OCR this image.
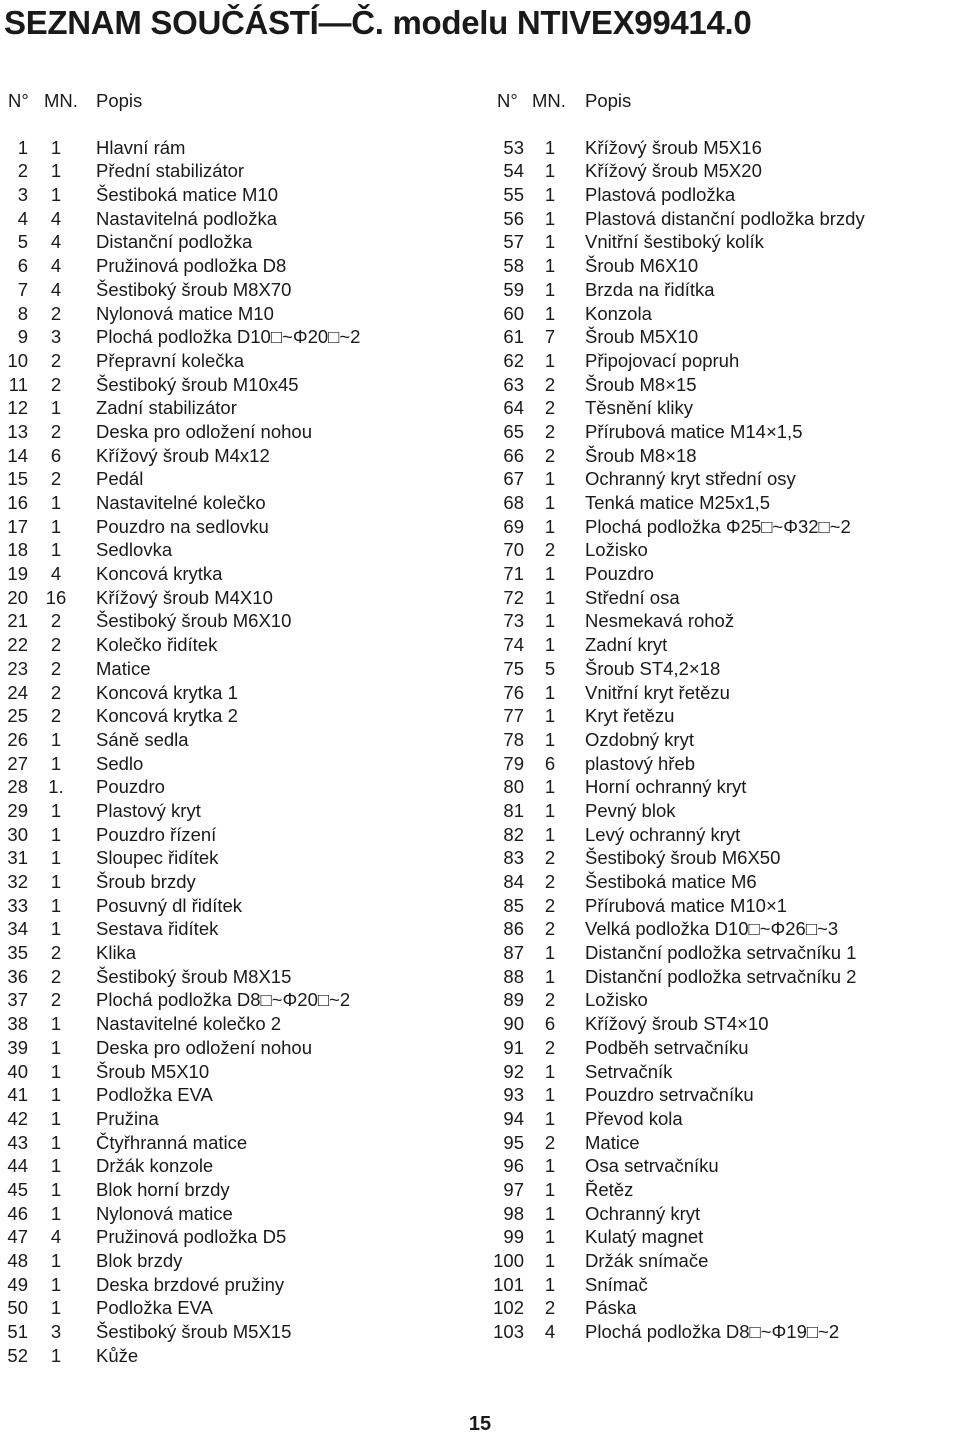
SEZNAM SOUČÁSTÍ—Č. modelu NTIVEX99414.0
N° MN. Popis
1	1	Hlavní rám
2	1	Přední stabilizátor
3	1	Šestiboká matice M10
4	4	Nastavitelná podložka
5	4	Distanční podložka
6	4	Pružinová podložka D8
7	4	Šestiboký šroub M8X70
8	2	Nylonová matice M10
9	3	Plochá podložka D10□~Φ20□~2
10	2	Přepravní kolečka
11	2	Šestiboký šroub M10x45
12	1	Zadní stabilizátor
13	2	Deska pro odložení nohou
14	6	Křížový šroub M4x12
15	2	Pedál
16	1	Nastavitelné kolečko
17	1	Pouzdro na sedlovku
18	1	Sedlovka
19	4	Koncová krytka
20 16 Křížový šroub M4X10
21	2	Šestiboký šroub M6X10
22	2	Kolečko řidítek
23	2	Matice
24	2	Koncová krytka 1
25	2	Koncová krytka 2
26	1	Sáně sedla
27	1	Sedlo
28	1.	Pouzdro
29	1	Plastový kryt
30	1	Pouzdro řízení
31	1	Sloupec řidítek
32	1	Šroub brzdy
33	1	Posuvný dl řidítek
34	1	Sestava řidítek
35	2	Klika
36	2	Šestiboký šroub M8X15
37	2	Plochá podložka D8□~Φ20□~2
38	1	Nastavitelné kolečko 2
39	1	Deska pro odložení nohou
40	1	Šroub M5X10
41	1	Podložka EVA
42	1	Pružina
43	1	Čtyřhranná matice
44	1	Držák konzole
45	1	Blok horní brzdy
46	1	Nylonová matice
47	4	Pružinová podložka D5
48	1	Blok brzdy
49	1	Deska brzdové pružiny
50	1	Podložka EVA
51	3	Šestiboký šroub M5X15
52	1	Kůže
N° MN. Popis
53	1	Křížový šroub M5X16
54	1	Křížový šroub M5X20
55	1	Plastová podložka
56	1	Plastová distanční podložka brzdy
57	1	Vnitřní šestiboký kolík
58	1	Šroub M6X10
59	1	Brzda na řidítka
60	1	Konzola
61	7	Šroub M5X10
62	1	Připojovací popruh
63	2	Šroub M8×15
64	2	Těsnění kliky
65	2	Přírubová matice M14×1,5
66	2	Šroub M8×18
67	1	Ochranný kryt střední osy
68	1	Tenká matice M25x1,5
69	1	Plochá podložka Φ25□~Φ32□~2
70	2	Ložisko
71	1	Pouzdro
72	1	Střední osa
73	1	Nesmekavá rohož
74	1	Zadní kryt
75	5	Šroub ST4,2×18
76	1	Vnitřní kryt řetězu
77	1	Kryt řetězu
78	1	Ozdobný kryt
79	6	plastový hřeb
80	1	Horní ochranný kryt
81	1	Pevný blok
82	1	Levý ochranný kryt
83	2	Šestiboký šroub M6X50
84	2	Šestiboká matice M6
85	2	Přírubová matice M10×1
86	2	Velká podložka D10□~Φ26□~3
87	1	Distanční podložka setrvačníku 1
88	1	Distanční podložka setrvačníku 2
89	2	Ložisko
90	6	Křížový šroub ST4×10
91	2	Podběh setrvačníku
92	1	Setrvačník
93	1	Pouzdro setrvačníku
94	1	Převod kola
95	2	Matice
96	1	Osa setrvačníku
97	1	Řetěz
98	1	Ochranný kryt
99	1	Kulatý magnet
100	1	Držák snímače
101	1	Snímač
102	2	Páska
103	4	Plochá podložka D8□~Φ19□~2
15
